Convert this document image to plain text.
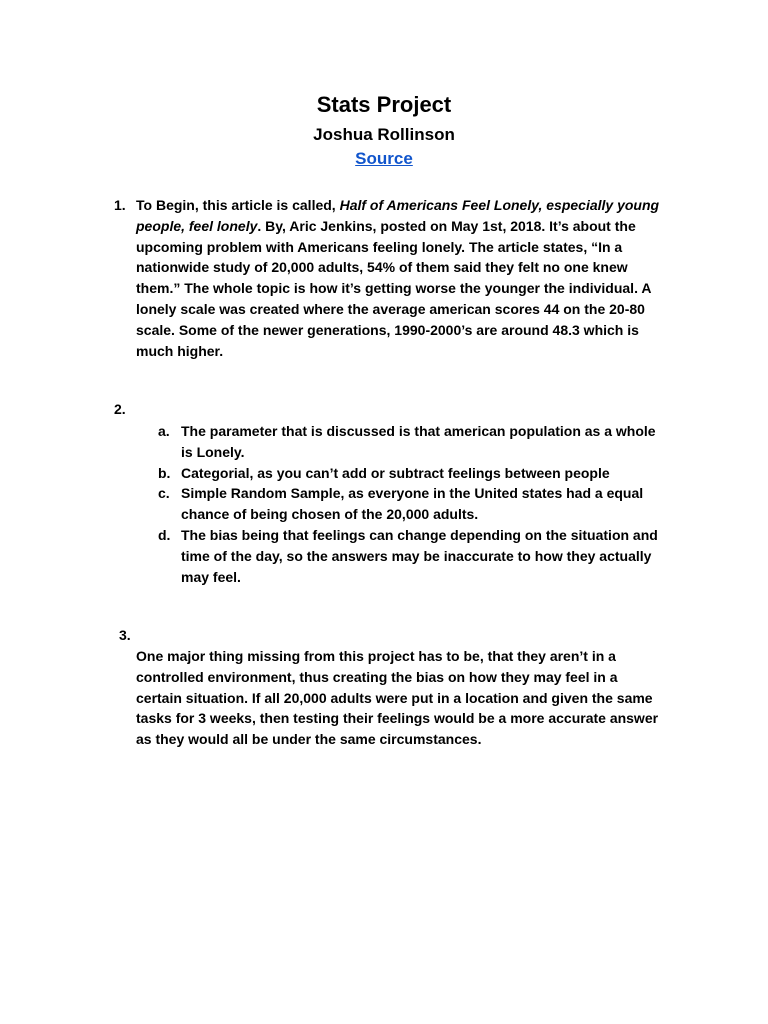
Stats Project
Joshua Rollinson
Source
1. To Begin, this article is called, Half of Americans Feel Lonely, especially young people, feel lonely. By, Aric Jenkins, posted on May 1st, 2018. It’s about the upcoming problem with Americans feeling lonely. The article states, “In a nationwide study of 20,000 adults, 54% of them said they felt no one knew them.” The whole topic is how it’s getting worse the younger the individual. A lonely scale was created where the average american scores 44 on the 20-80 scale. Some of the newer generations, 1990-2000’s are around 48.3 which is much higher.
2.
a. The parameter that is discussed is that american population as a whole is Lonely.
b. Categorial, as you can’t add or subtract feelings between people
c. Simple Random Sample, as everyone in the United states had a equal chance of being chosen of the 20,000 adults.
d. The bias being that feelings can change depending on the situation and time of the day, so the answers may be inaccurate to how they actually may feel.
3.
One major thing missing from this project has to be, that they aren’t in a controlled environment, thus creating the bias on how they may feel in a certain situation. If all 20,000 adults were put in a location and given the same tasks for 3 weeks, then testing their feelings would be a more accurate answer as they would all be under the same circumstances.
